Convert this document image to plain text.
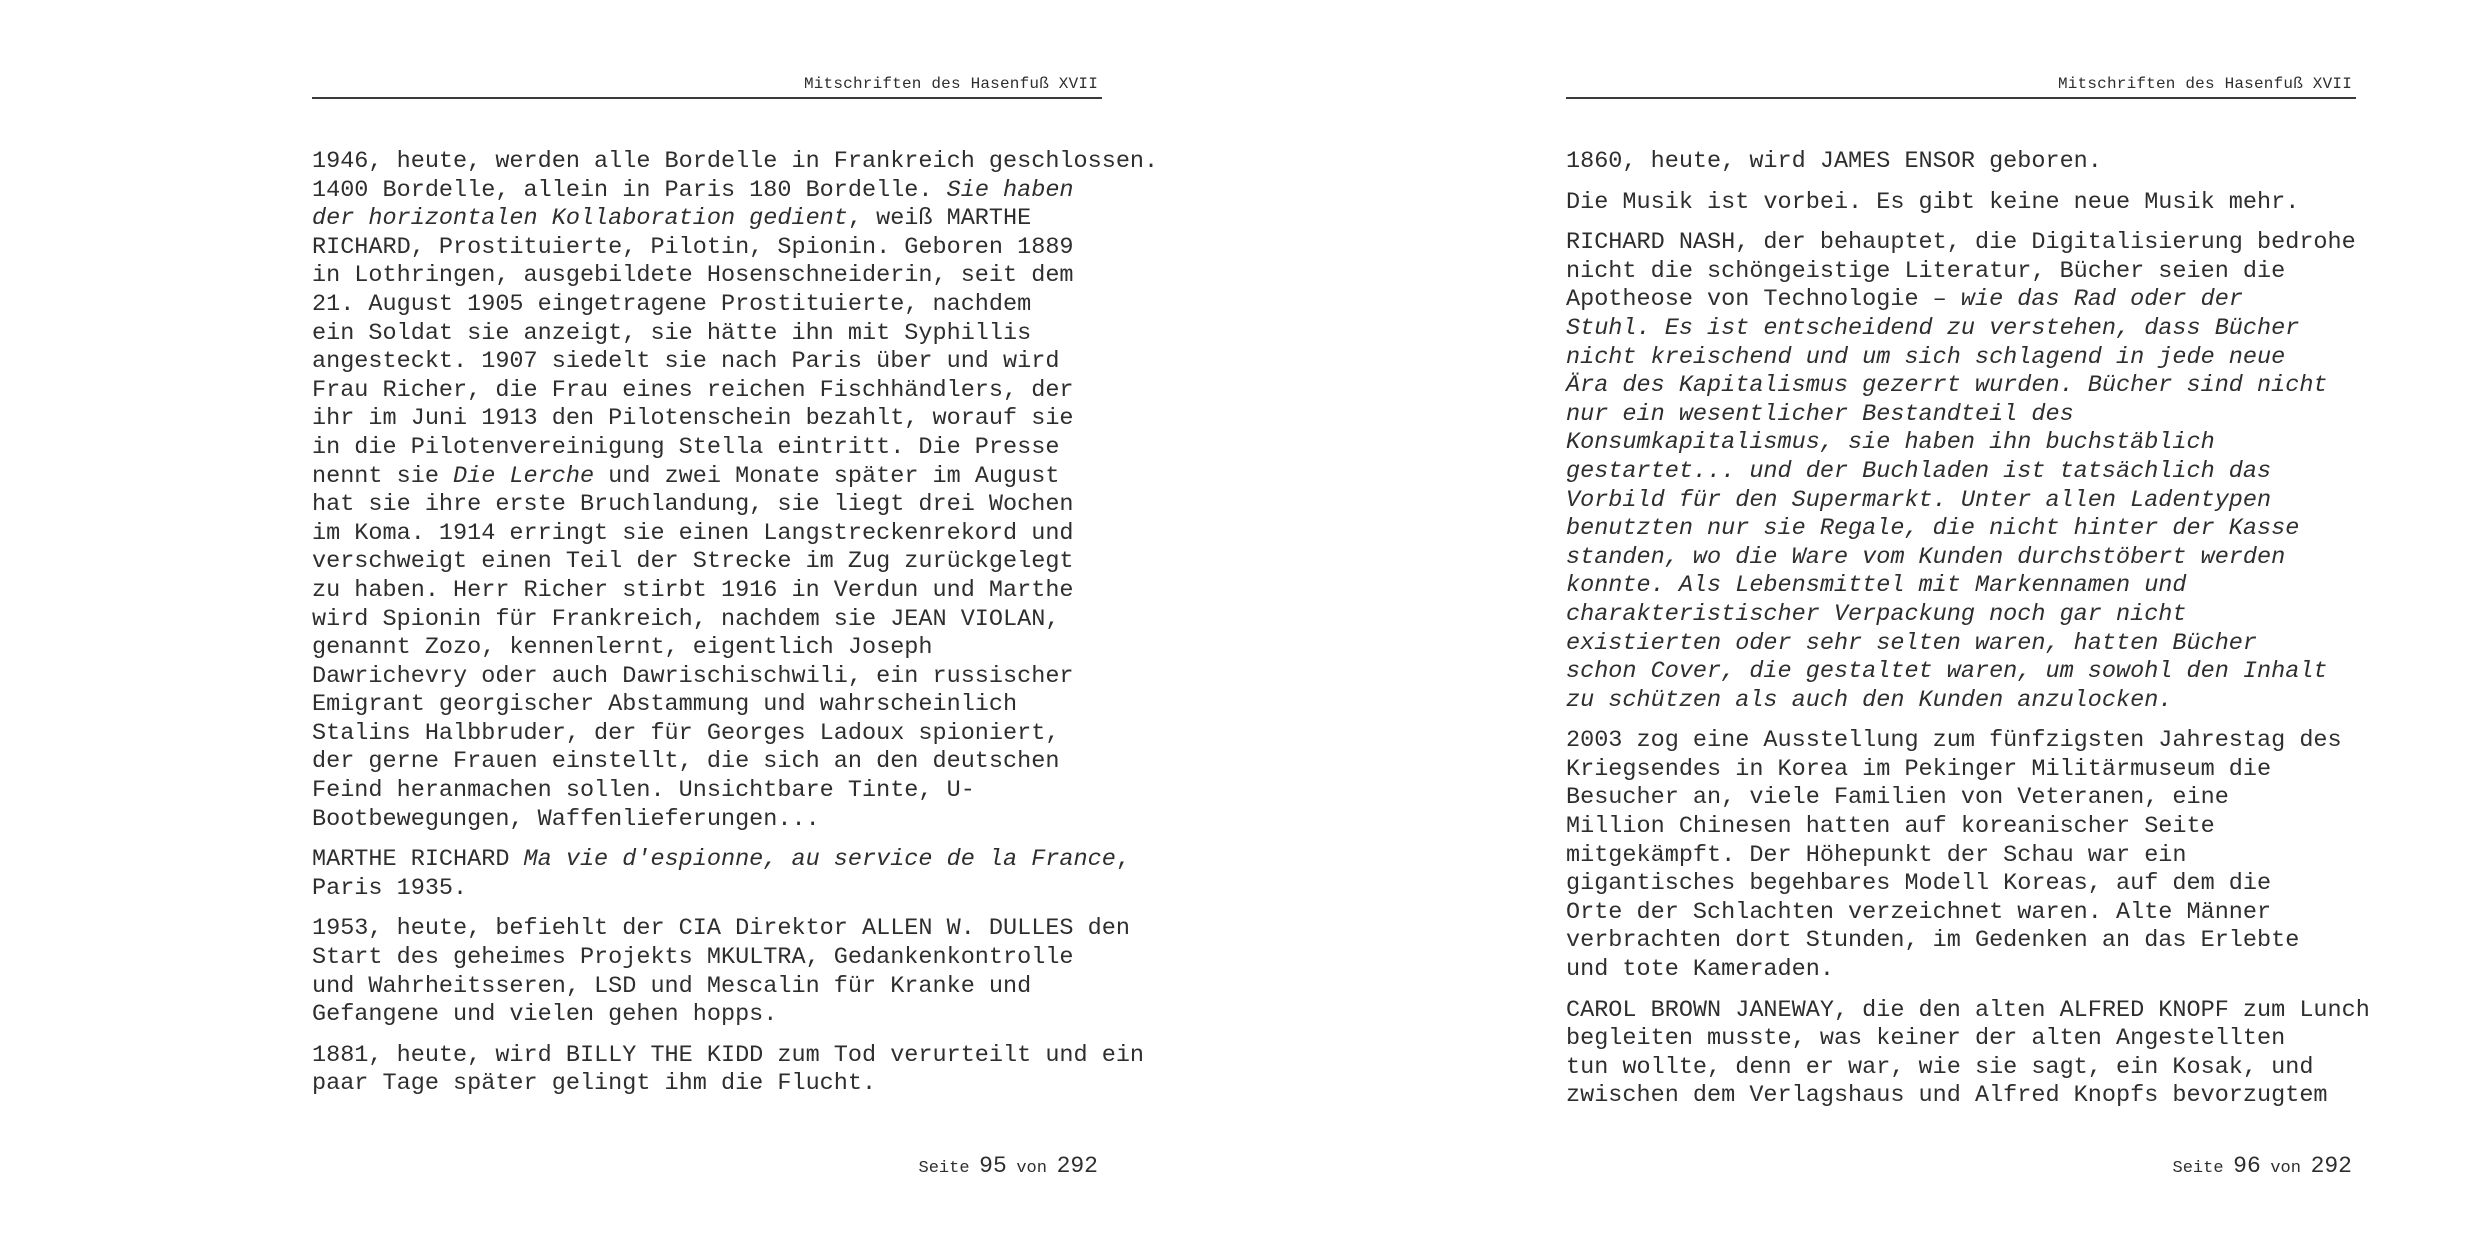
Mitschriften des Hasenfuß XVII
1946, heute, werden alle Bordelle in Frankreich geschlossen.
1400 Bordelle, allein in Paris 180 Bordelle. Sie haben
der horizontalen Kollaboration gedient, weiß MARTHE
RICHARD, Prostituierte, Pilotin, Spionin. Geboren 1889
in Lothringen, ausgebildete Hosenschneiderin, seit dem
21. August 1905 eingetragene Prostituierte, nachdem
ein Soldat sie anzeigt, sie hätte ihn mit Syphillis
angesteckt. 1907 siedelt sie nach Paris über und wird
Frau Richer, die Frau eines reichen Fischhändlers, der
ihr im Juni 1913 den Pilotenschein bezahlt, worauf sie
in die Pilotenvereinigung Stella eintritt. Die Presse
nennt sie Die Lerche und zwei Monate später im August
hat sie ihre erste Bruchlandung, sie liegt drei Wochen
im Koma. 1914 erringt sie einen Langstreckenrekord und
verschweigt einen Teil der Strecke im Zug zurückgelegt
zu haben. Herr Richer stirbt 1916 in Verdun und Marthe
wird Spionin für Frankreich, nachdem sie JEAN VIOLAN,
genannt Zozo, kennenlernt, eigentlich Joseph
Dawrichevry oder auch Dawrischischwili, ein russischer
Emigrant georgischer Abstammung und wahrscheinlich
Stalins Halbbruder, der für Georges Ladoux spioniert,
der gerne Frauen einstellt, die sich an den deutschen
Feind heranmachen sollen. Unsichtbare Tinte, U-
Bootbewegungen, Waffenlieferungen...
MARTHE RICHARD Ma vie d'espionne, au service de la France,
Paris 1935.
1953, heute, befiehlt der CIA Direktor ALLEN W. DULLES den
Start des geheimes Projekts MKULTRA, Gedankenkontrolle
und Wahrheitsseren, LSD und Mescalin für Kranke und
Gefangene und vielen gehen hopps.
1881, heute, wird BILLY THE KIDD zum Tod verurteilt und ein
paar Tage später gelingt ihm die Flucht.
Seite 95 von 292
Mitschriften des Hasenfuß XVII
1860, heute, wird JAMES ENSOR geboren.
Die Musik ist vorbei. Es gibt keine neue Musik mehr.
RICHARD NASH, der behauptet, die Digitalisierung bedrohe
nicht die schöngeistige Literatur, Bücher seien die
Apotheose von Technologie – wie das Rad oder der
Stuhl. Es ist entscheidend zu verstehen, dass Bücher
nicht kreischend und um sich schlagend in jede neue
Ära des Kapitalismus gezerrt wurden. Bücher sind nicht
nur ein wesentlicher Bestandteil des
Konsumkapitalismus, sie haben ihn buchstäblich
gestartet... und der Buchladen ist tatsächlich das
Vorbild für den Supermarkt. Unter allen Ladentypen
benutzten nur sie Regale, die nicht hinter der Kasse
standen, wo die Ware vom Kunden durchstöbert werden
konnte. Als Lebensmittel mit Markennamen und
charakteristischer Verpackung noch gar nicht
existierten oder sehr selten waren, hatten Bücher
schon Cover, die gestaltet waren, um sowohl den Inhalt
zu schützen als auch den Kunden anzulocken.
2003 zog eine Ausstellung zum fünfzigsten Jahrestag des
Kriegsendes in Korea im Pekinger Militärmuseum die
Besucher an, viele Familien von Veteranen, eine
Million Chinesen hatten auf koreanischer Seite
mitgekämpft. Der Höhepunkt der Schau war ein
gigantisches begehbares Modell Koreas, auf dem die
Orte der Schlachten verzeichnet waren. Alte Männer
verbrachten dort Stunden, im Gedenken an das Erlebte
und tote Kameraden.
CAROL BROWN JANEWAY, die den alten ALFRED KNOPF zum Lunch
begleiten musste, was keiner der alten Angestellten
tun wollte, denn er war, wie sie sagt, ein Kosak, und
zwischen dem Verlagshaus und Alfred Knopfs bevorzugtem
Seite 96 von 292
